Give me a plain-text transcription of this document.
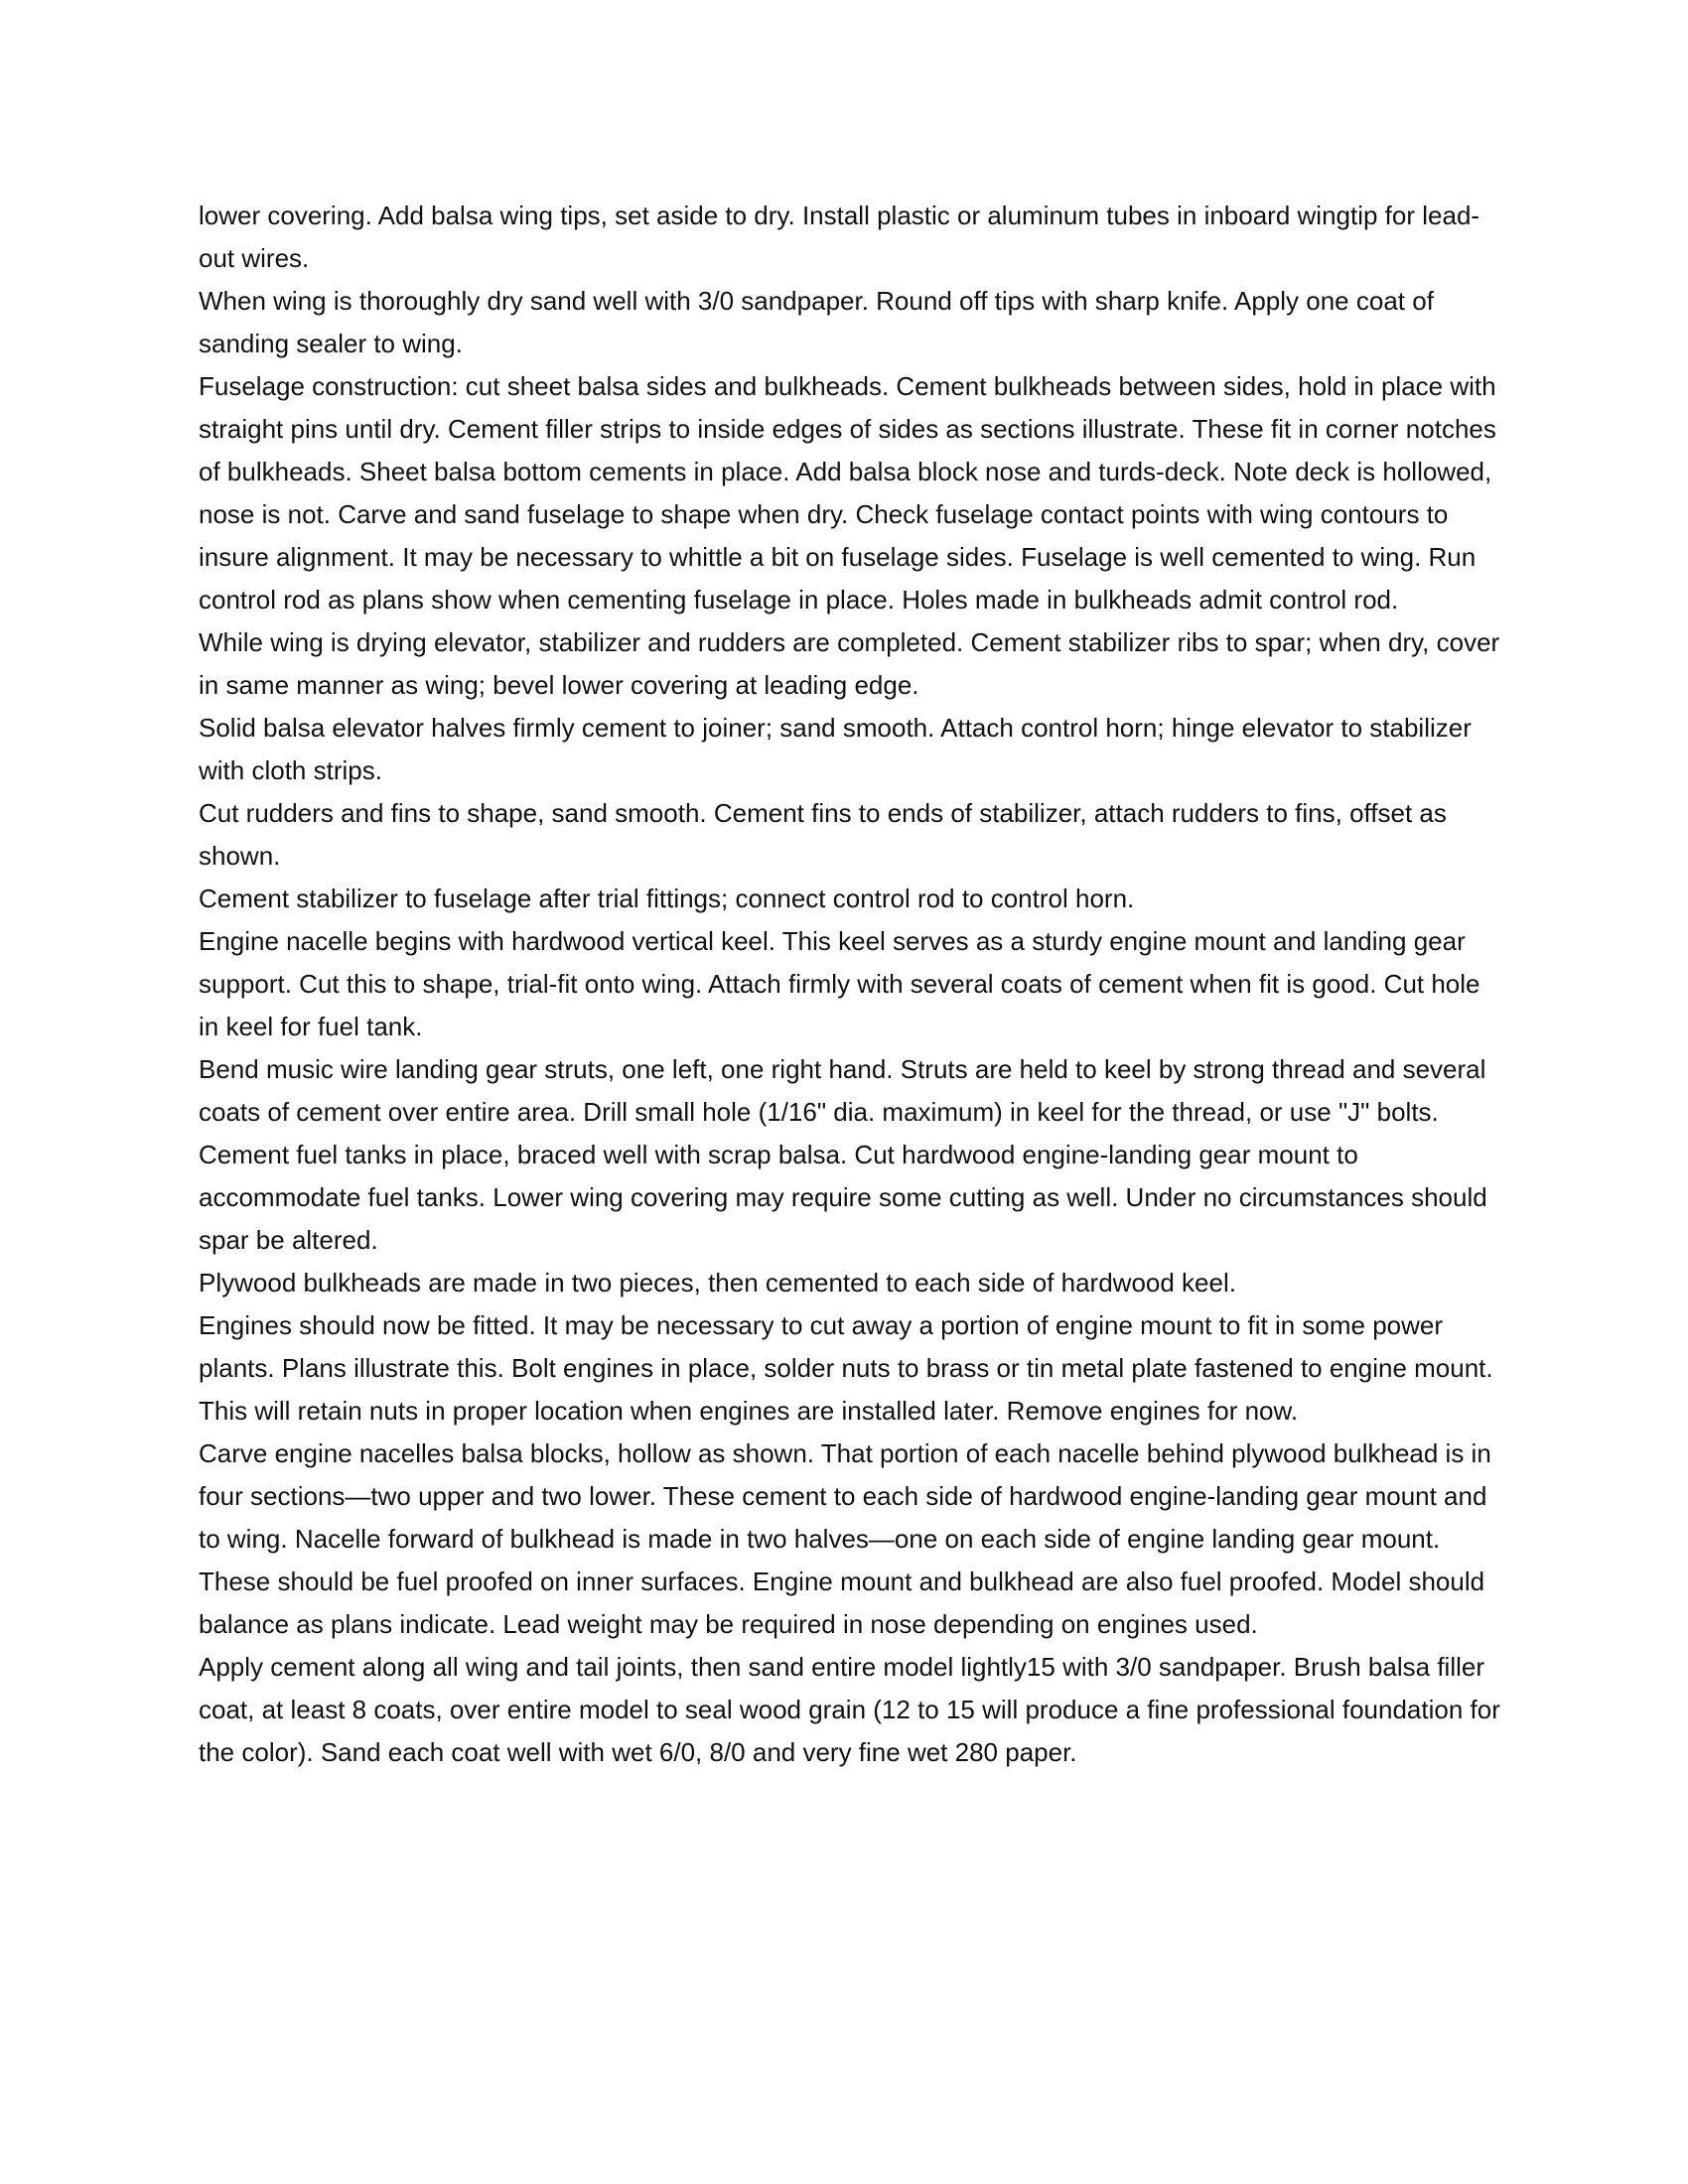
lower covering. Add balsa wing tips, set aside to dry. Install plastic or aluminum tubes in inboard wingtip for lead-out wires.

When wing is thoroughly dry sand well with 3/0 sandpaper. Round off tips with sharp knife. Apply one coat of sanding sealer to wing.

Fuselage construction: cut sheet balsa sides and bulkheads. Cement bulkheads between sides, hold in place with straight pins until dry. Cement filler strips to inside edges of sides as sections illustrate. These fit in corner notches of bulkheads. Sheet balsa bottom cements in place. Add balsa block nose and turds-deck. Note deck is hollowed, nose is not. Carve and sand fuselage to shape when dry. Check fuselage contact points with wing contours to insure alignment. It may be necessary to whittle a bit on fuselage sides. Fuselage is well cemented to wing. Run control rod as plans show when cementing fuselage in place. Holes made in bulkheads admit control rod.

While wing is drying elevator, stabilizer and rudders are completed. Cement stabilizer ribs to spar; when dry, cover in same manner as wing; bevel lower covering at leading edge.

Solid balsa elevator halves firmly cement to joiner; sand smooth. Attach control horn; hinge elevator to stabilizer with cloth strips.

Cut rudders and fins to shape, sand smooth. Cement fins to ends of stabilizer, attach rudders to fins, offset as shown.

Cement stabilizer to fuselage after trial fittings; connect control rod to control horn.

Engine nacelle begins with hardwood vertical keel. This keel serves as a sturdy engine mount and landing gear support. Cut this to shape, trial-fit onto wing. Attach firmly with several coats of cement when fit is good. Cut hole in keel for fuel tank.

Bend music wire landing gear struts, one left, one right hand. Struts are held to keel by strong thread and several coats of cement over entire area. Drill small hole (1/16" dia. maximum) in keel for the thread, or use "J" bolts.

Cement fuel tanks in place, braced well with scrap balsa. Cut hardwood engine-landing gear mount to accommodate fuel tanks. Lower wing covering may require some cutting as well. Under no circumstances should spar be altered.

Plywood bulkheads are made in two pieces, then cemented to each side of hardwood keel.

Engines should now be fitted. It may be necessary to cut away a portion of engine mount to fit in some power plants. Plans illustrate this. Bolt engines in place, solder nuts to brass or tin metal plate fastened to engine mount. This will retain nuts in proper location when engines are installed later. Remove engines for now.

Carve engine nacelles balsa blocks, hollow as shown. That portion of each nacelle behind plywood bulkhead is in four sections—two upper and two lower. These cement to each side of hardwood engine-landing gear mount and to wing. Nacelle forward of bulkhead is made in two halves—one on each side of engine landing gear mount. These should be fuel proofed on inner surfaces. Engine mount and bulkhead are also fuel proofed. Model should balance as plans indicate. Lead weight may be required in nose depending on engines used.

Apply cement along all wing and tail joints, then sand entire model lightly15 with 3/0 sandpaper. Brush balsa filler coat, at least 8 coats, over entire model to seal wood grain (12 to 15 will produce a fine professional foundation for the color). Sand each coat well with wet 6/0, 8/0 and very fine wet 280 paper.
